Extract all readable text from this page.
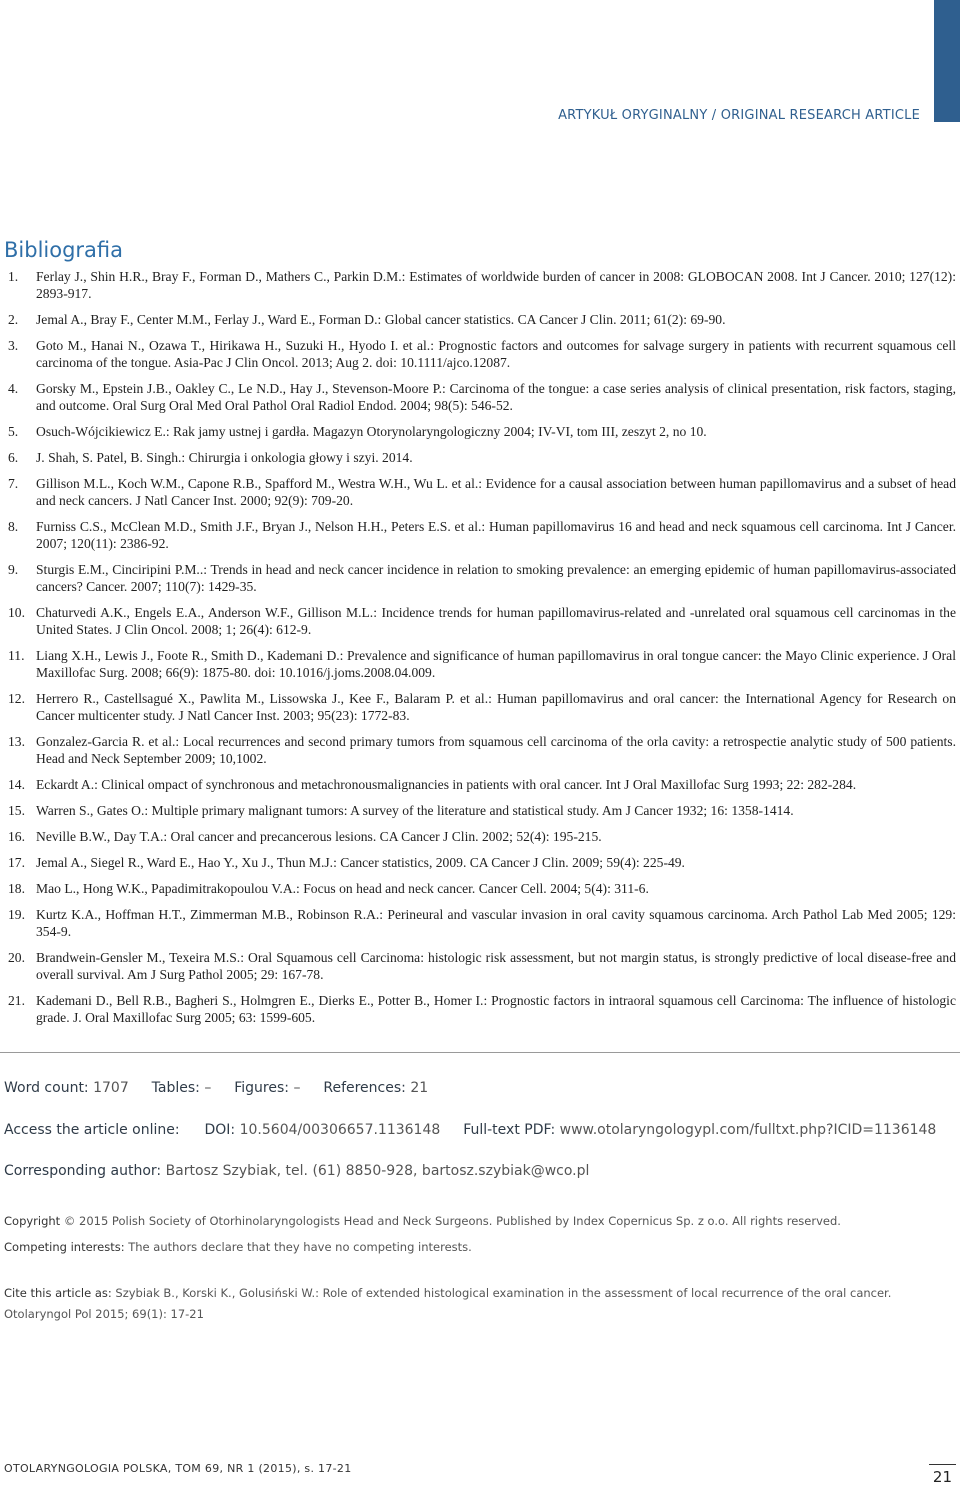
ARTYKUŁ ORYGINALNY / ORIGINAL RESEARCH ARTICLE
Bibliografia
1.	Ferlay J., Shin H.R., Bray F., Forman D., Mathers C., Parkin D.M.: Estimates of worldwide burden of cancer in 2008: GLOBOCAN 2008. Int J Cancer. 2010; 127(12): 2893-917.
2.	Jemal A., Bray F., Center M.M., Ferlay J., Ward E., Forman D.: Global cancer statistics. CA Cancer J Clin. 2011; 61(2): 69-90.
3.	Goto M., Hanai N., Ozawa T., Hirikawa H., Suzuki H., Hyodo I. et al.: Prognostic factors and outcomes for salvage surgery in patients with recurrent squamous cell carcinoma of the tongue. Asia-Pac J Clin Oncol. 2013; Aug 2. doi: 10.1111/ajco.12087.
4.	Gorsky M., Epstein J.B., Oakley C., Le N.D., Hay J., Stevenson-Moore P.: Carcinoma of the tongue: a case series analysis of clinical presentation, risk factors, staging, and outcome. Oral Surg Oral Med Oral Pathol Oral Radiol Endod. 2004; 98(5): 546-52.
5.	Osuch-Wójcikiewicz E.: Rak jamy ustnej i gardła. Magazyn Otorynolaryngologiczny 2004; IV-VI, tom III, zeszyt 2, no 10.
6.	J. Shah, S. Patel, B. Singh.: Chirurgia i onkologia głowy i szyi. 2014.
7.	Gillison M.L., Koch W.M., Capone R.B., Spafford M., Westra W.H., Wu L. et al.: Evidence for a causal association between human papillomavirus and a subset of head and neck cancers. J Natl Cancer Inst. 2000; 92(9): 709-20.
8.	Furniss C.S., McClean M.D., Smith J.F., Bryan J., Nelson H.H., Peters E.S. et al.: Human papillomavirus 16 and head and neck squamous cell carcinoma. Int J Cancer. 2007; 120(11): 2386-92.
9.	Sturgis E.M., Cinciripini P.M..: Trends in head and neck cancer incidence in relation to smoking prevalence: an emerging epidemic of human papillomavirus-associated cancers? Cancer. 2007; 110(7): 1429-35.
10. Chaturvedi A.K., Engels E.A., Anderson W.F., Gillison M.L.: Incidence trends for human papillomavirus-related and -unrelated oral squamous cell carcinomas in the United States. J Clin Oncol. 2008; 1; 26(4): 612-9.
11. Liang X.H., Lewis J., Foote R., Smith D., Kademani D.: Prevalence and significance of human papillomavirus in oral tongue cancer: the Mayo Clinic experience. J Oral Maxillofac Surg. 2008; 66(9): 1875-80. doi: 10.1016/j.joms.2008.04.009.
12. Herrero R., Castellsagué X., Pawlita M., Lissowska J., Kee F., Balaram P. et al.: Human papillomavirus and oral cancer: the International Agency for Research on Cancer multicenter study. J Natl Cancer Inst. 2003; 95(23): 1772-83.
13. Gonzalez-Garcia R. et al.: Local recurrences and second primary tumors from squamous cell carcinoma of the orla cavity: a retrospectie analytic study of 500 patients. Head and Neck September 2009; 10,1002.
14. Eckardt A.: Clinical ompact of synchronous and metachronousmalignancies in patients with oral cancer. Int J Oral Maxillofac Surg 1993; 22: 282-284.
15. Warren S., Gates O.: Multiple primary malignant tumors: A survey of the literature and statistical study. Am J Cancer 1932; 16: 1358-1414.
16. Neville B.W., Day T.A.: Oral cancer and precancerous lesions. CA Cancer J Clin. 2002; 52(4): 195-215.
17. Jemal A., Siegel R., Ward E., Hao Y., Xu J., Thun M.J.: Cancer statistics, 2009. CA Cancer J Clin. 2009; 59(4): 225-49.
18. Mao L., Hong W.K., Papadimitrakopoulou V.A.: Focus on head and neck cancer. Cancer Cell. 2004; 5(4): 311-6.
19. Kurtz K.A., Hoffman H.T., Zimmerman M.B., Robinson R.A.: Perineural and vascular invasion in oral cavity squamous carcinoma. Arch Pathol Lab Med 2005; 129: 354-9.
20. Brandwein-Gensler M., Texeira M.S.: Oral Squamous cell Carcinoma: histologic risk assessment, but not margin status, is strongly predictive of local disease-free and overall survival. Am J Surg Pathol 2005; 29: 167-78.
21. Kademani D., Bell R.B., Bagheri S., Holmgren E., Dierks E., Potter B., Homer I.: Prognostic factors in intraoral squamous cell Carcinoma: The influence of histologic grade. J. Oral Maxillofac Surg 2005; 63: 1599-605.
Word count: 1707 Tables: – Figures: – References: 21
Access the article online: DOI: 10.5604/00306657.1136148 Full-text PDF: www.otolaryngologypl.com/fulltxt.php?ICID=1136148
Corresponding author: Bartosz Szybiak, tel. (61) 8850-928, bartosz.szybiak@wco.pl
Copyright © 2015 Polish Society of Otorhinolaryngologists Head and Neck Surgeons. Published by Index Copernicus Sp. z o.o. All rights reserved.
Competing interests: The authors declare that they have no competing interests.
Cite this article as: Szybiak B., Korski K., Golusiński W.: Role of extended histological examination in the assessment of local recurrence of the oral cancer.
Otolaryngol Pol 2015; 69(1): 17-21
OTOLARYNGOLOGIA POLSKA, TOM 69, NR 1 (2015), s. 17-21	21
